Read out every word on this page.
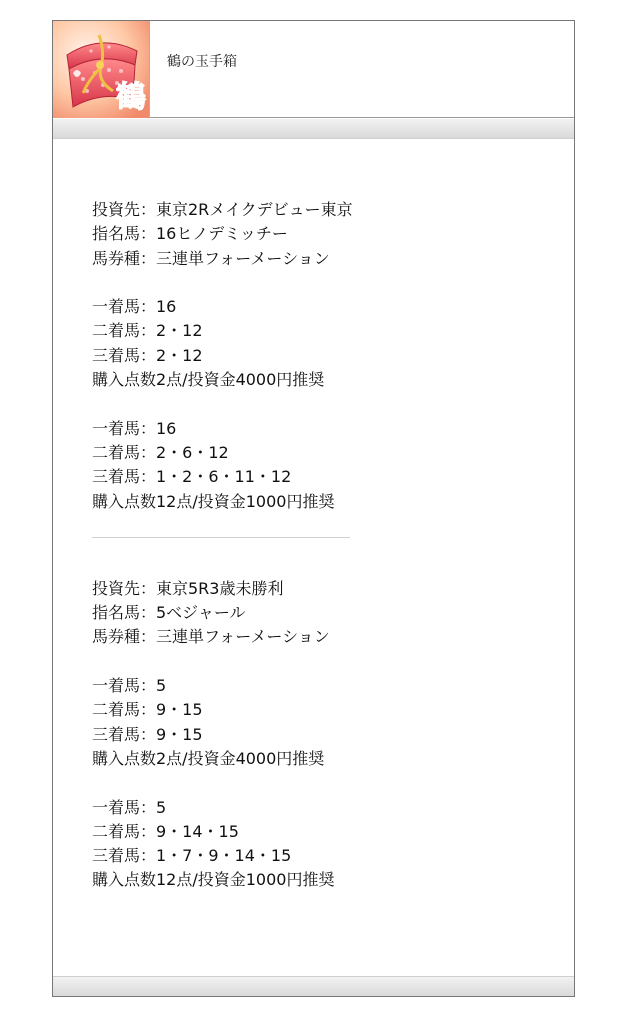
鶴
鶴の玉手箱
投資先：東京2Rメイクデビュー東京
指名馬：16ヒノデミッチー
馬券種：三連単フォーメーション
一着馬：16
二着馬：2・12
三着馬：2・12
購入点数2点/投資金4000円推奨
一着馬：16
二着馬：2・6・12
三着馬：1・2・6・11・12
購入点数12点/投資金1000円推奨
投資先：東京5R3歳未勝利
指名馬：5ベジャール
馬券種：三連単フォーメーション
一着馬：5
二着馬：9・15
三着馬：9・15
購入点数2点/投資金4000円推奨
一着馬：5
二着馬：9・14・15
三着馬：1・7・9・14・15
購入点数12点/投資金1000円推奨
